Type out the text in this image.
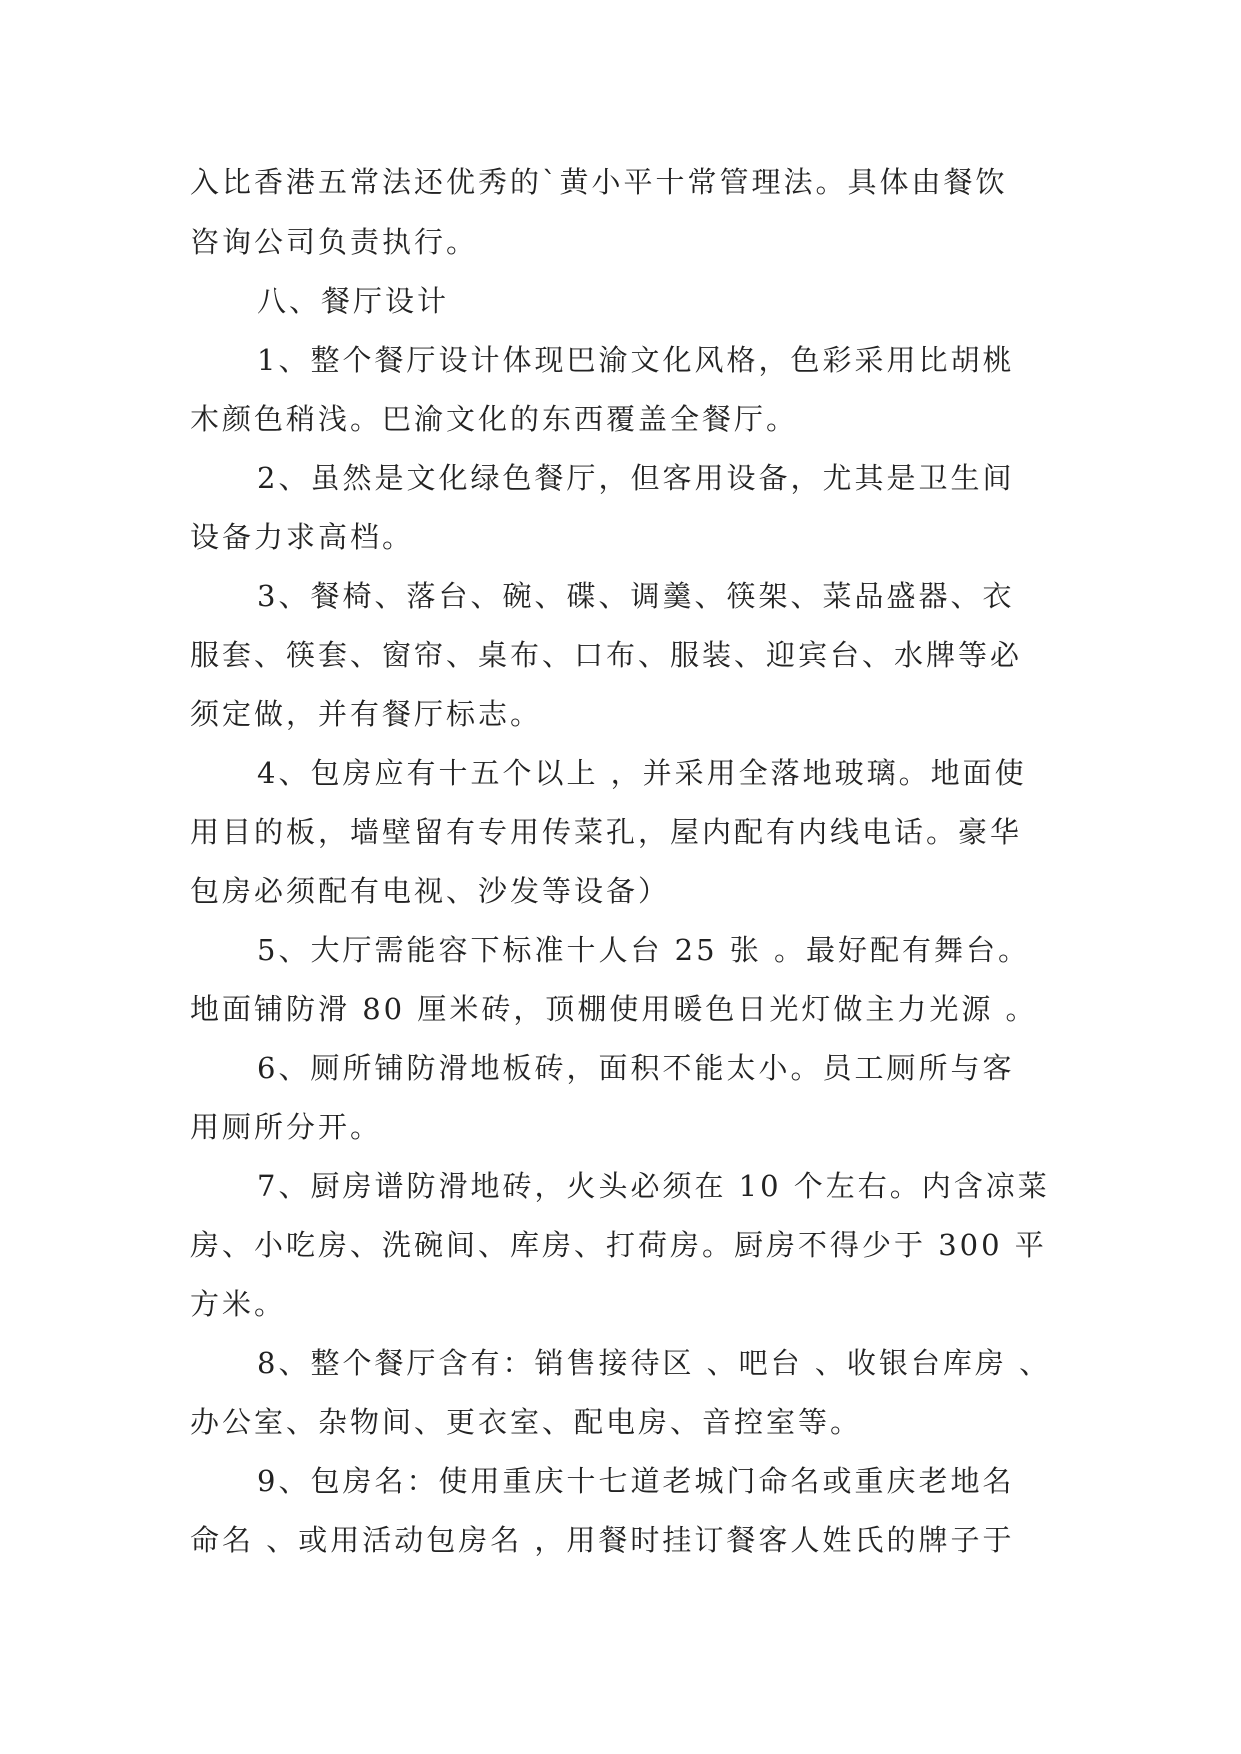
入比香港五常法还优秀的`黄小平十常管理法。具体由餐饮
咨询公司负责执行。
八、餐厅设计
1、整个餐厅设计体现巴渝文化风格，色彩采用比胡桃
木颜色稍浅。巴渝文化的东西覆盖全餐厅。
2、虽然是文化绿色餐厅，但客用设备，尤其是卫生间
设备力求高档。
3、餐椅、落台、碗、碟、调羹、筷架、菜品盛器、衣
服套、筷套、窗帘、桌布、口布、服装、迎宾台、水牌等必
须定做，并有餐厅标志。
4、包房应有十五个以上 ，并采用全落地玻璃。地面使
用目的板，墙壁留有专用传菜孔，屋内配有内线电话。豪华
包房必须配有电视、沙发等设备）
5、大厅需能容下标准十人台 25 张 。最好配有舞台。
地面铺防滑 80 厘米砖，顶棚使用暖色日光灯做主力光源 。
6、厕所铺防滑地板砖，面积不能太小。员工厕所与客
用厕所分开。
7、厨房谱防滑地砖，火头必须在 10 个左右。内含凉菜
房、小吃房、洗碗间、库房、打荷房。厨房不得少于 300 平
方米。
8、整个餐厅含有：销售接待区 、吧台 、收银台库房 、
办公室、杂物间、更衣室、配电房、音控室等。
9、包房名：使用重庆十七道老城门命名或重庆老地名
命名 、或用活动包房名 ，用餐时挂订餐客人姓氏的牌子于
